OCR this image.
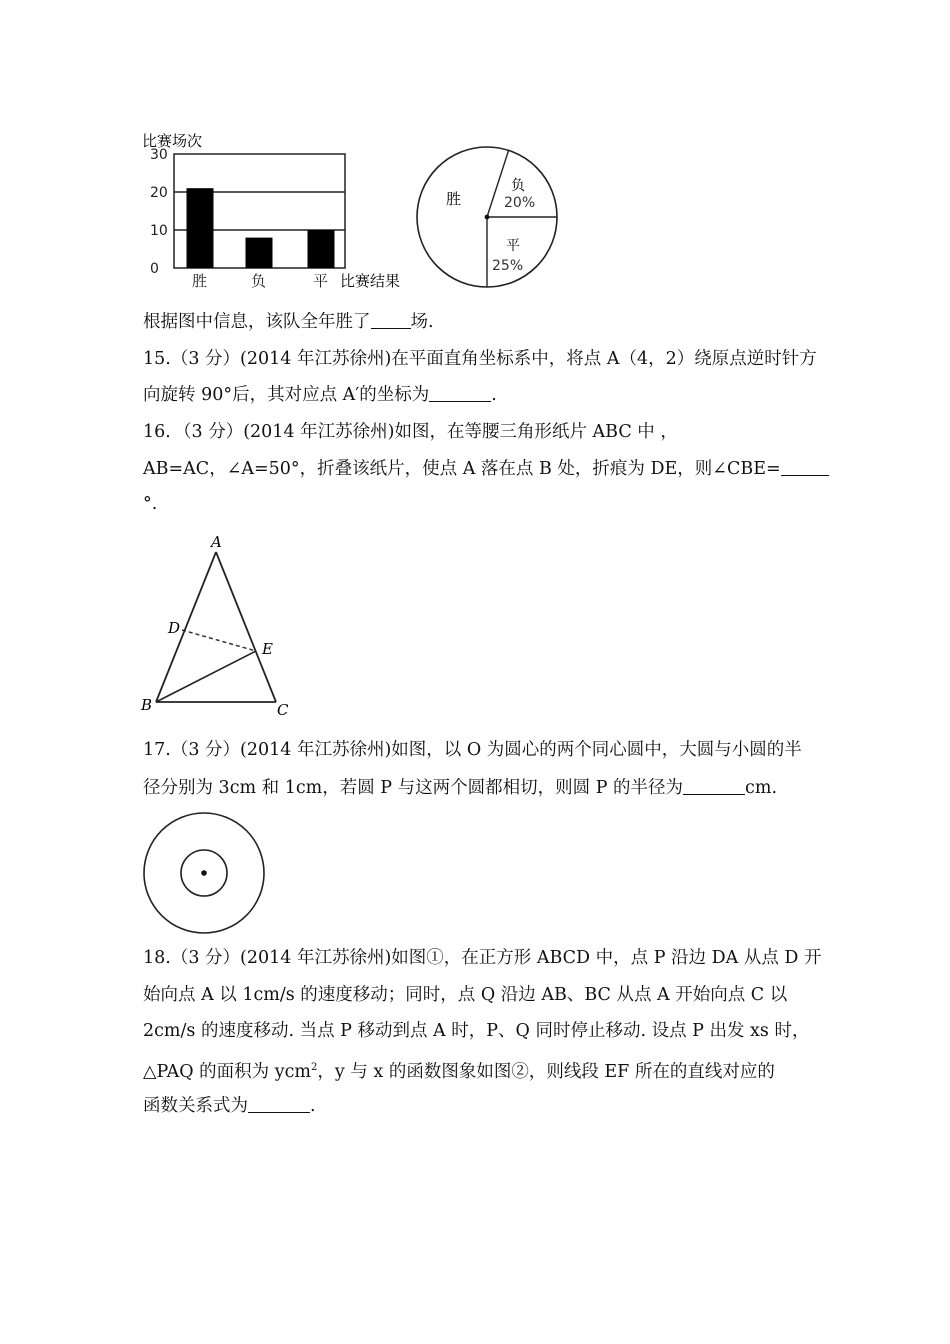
比赛场次
30
20
10
0
胜	负	平 比赛结果
胜
负
20%
平
25%
根据图中信息，该队全年胜了 场.
15.（3 分）(2014 年江苏徐州)在平面直角坐标系中，将点 A（4，2）绕原点逆时针方
向旋转 90°后，其对应点 A′的坐标为	.
16．（3 分）(2014 年江苏徐州)如图，在等腰三角形纸片 ABC 中 ，
AB=AC，∠A=50°，折叠该纸片，使点 A 落在点 B 处，折痕为 DE，则∠CBE=
°.
A
D
E
B	C
17.（3 分）(2014 年江苏徐州)如图，以 O 为圆心的两个同心圆中，大圆与小圆的半
径分别为 3cm 和 1cm，若圆 P 与这两个圆都相切，则圆 P 的半径为	cm.
18.（3 分）(2014 年江苏徐州)如图①，在正方形 ABCD 中，点 P 沿边 DA 从点 D 开
始向点 A 以 1cm/s 的速度移动；同时，点 Q 沿边 AB、BC 从点 A 开始向点 C 以
2cm/s 的速度移动. 当点 P 移动到点 A 时，P、Q 同时停止移动. 设点 P 出发 xs 时，
△PAQ 的面积为 ycm$^2$，y 与 x 的函数图象如图②，则线段 EF 所在的直线对应的
函数关系式为	.
